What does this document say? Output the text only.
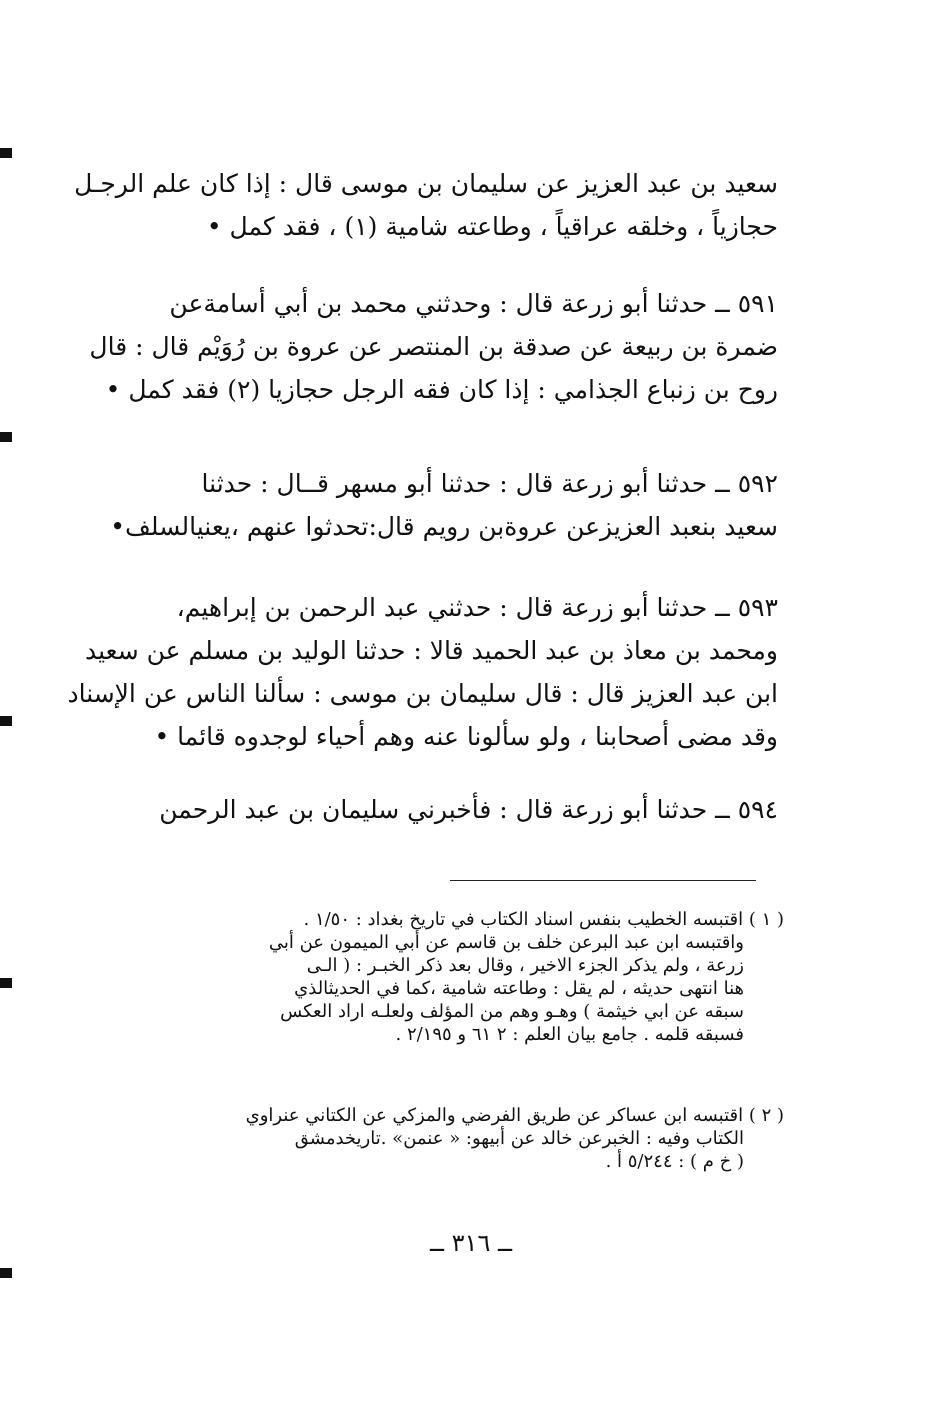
سعيد بن عبد العزيز عن سليمان بن موسى قال : إذا كان علم الرجـل
حجازياً ، وخلقه عراقياً ، وطاعته شامية (١) ، فقد كمل •
٥٩١ ــ حدثنا أبو زرعة قال : وحدثني محمد بن أبي أسامةعن
ضمرة بن ربيعة عن صدقة بن المنتصر عن عروة بن رُوَيْم قال : قال
روح بن زنباع الجذامي : إذا كان فقه الرجل حجازيا (٢) فقد كمل •
٥٩٢ ــ حدثنا أبو زرعة قال : حدثنا أبو مسهر قــال : حدثنا
سعيد بنعبد العزيزعن عروةبن رويم قال:تحدثوا عنهم ،يعنيالسلف•
٥٩٣ ــ حدثنا أبو زرعة قال : حدثني عبد الرحمن بن إبراهيم،
ومحمد بن معاذ بن عبد الحميد قالا : حدثنا الوليد بن مسلم عن سعيد
ابن عبد العزيز قال : قال سليمان بن موسى : سألنا الناس عن الإسناد
وقد مضى أصحابنا ، ولو سألونا عنه وهم أحياء لوجدوه قائما •
٥٩٤ ــ حدثنا أبو زرعة قال : فأخبرني سليمان بن عبد الرحمن
( ١ ) اقتبسه الخطيب بنفس اسناد الكتاب في تاريخ بغداد : ١/٥٠ .
واقتبسه ابن عبد البرعن خلف بن قاسم عن أبي الميمون عن أبي
زرعة ، ولم يذكر الجزء الاخير ، وقال بعد ذكر الخبـر : ( الـى
هنا انتهى حديثه ، لم يقل : وطاعته شامية ،كما في الحديثالذي
سبقه عن ابي خيثمة ) وهـو وهم من المؤلف ولعلـه اراد العكس
فسبقه قلمه . جامع بيان العلم : ٢ ٦١ و ٢/١٩٥ .
( ٢ ) اقتبسه ابن عساكر عن طريق الفرضي والمزكي عن الكتاني عنراوي
الكتاب وفيه : الخبرعن خالد عن أبيهو: « عنمن» .تاريخدمشق
( خ م ) : ٥/٢٤٤ أ .
ــ ٣١٦ ــ
